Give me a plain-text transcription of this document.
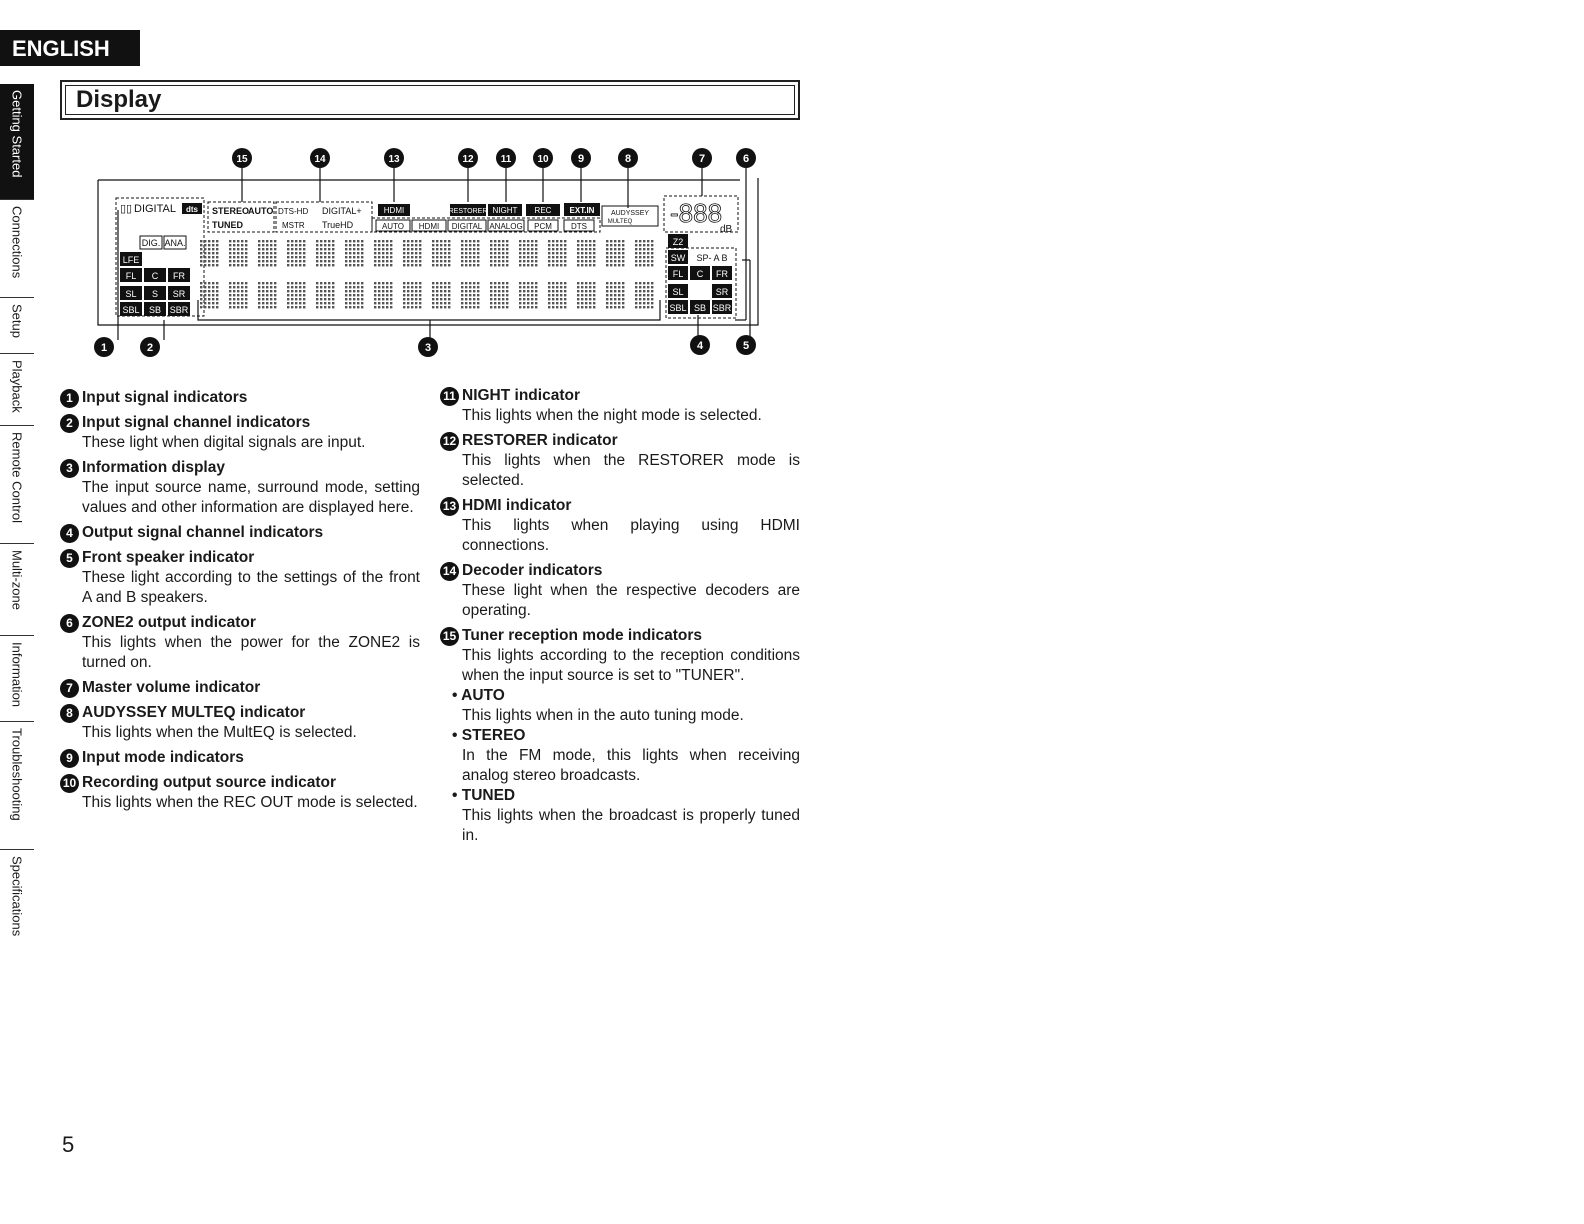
ENGLISH
Getting Started
Connections
Setup
Playback
Remote Control
Multi-zone
Information
Troubleshooting
Specifications
Display
15	14	13	12	11	10	9	8	7	6
▯▯ DIGITAL dts
DIG. ANA.
LFE
FL C FR
SL S SR
SBL SB SBR
STEREO
AUTO
TUNED
DTS-HD DIGITAL+
MSTR TrueHD
HDMI	RESTORER NIGHT REC EXT.IN AUDYSSEY
MULTEQ
AUTO HDMI DIGITAL ANALOG PCM DTS	-888
dB
Z2
SW SP- A B
FL C FR
SL	SR
SBL SB SBR
1	2	3	4	5
1 Input signal indicators
2 Input signal channel indicators
These light when digital signals are input.
3 Information display
The input source name, surround mode, setting values and other information are displayed here.
4 Output signal channel indicators
5 Front speaker indicator
These light according to the settings of the front A and B speakers.
6 ZONE2 output indicator
This lights when the power for the ZONE2 is turned on.
7 Master volume indicator
8 AUDYSSEY MULTEQ indicator
This lights when the MultEQ is selected.
9 Input mode indicators
10 Recording output source indicator
This lights when the REC OUT mode is selected.
11 NIGHT indicator
This lights when the night mode is selected.
12 RESTORER indicator
This lights when the RESTORER mode is selected.
13 HDMI indicator
This lights when playing using HDMI connections.
14 Decoder indicators
These light when the respective decoders are operating.
15 Tuner reception mode indicators
This lights according to the reception conditions when the input source is set to "TUNER".
• AUTO
This lights when in the auto tuning mode.
• STEREO
In the FM mode, this lights when receiving analog stereo broadcasts.
• TUNED
This lights when the broadcast is properly tuned in.
5
